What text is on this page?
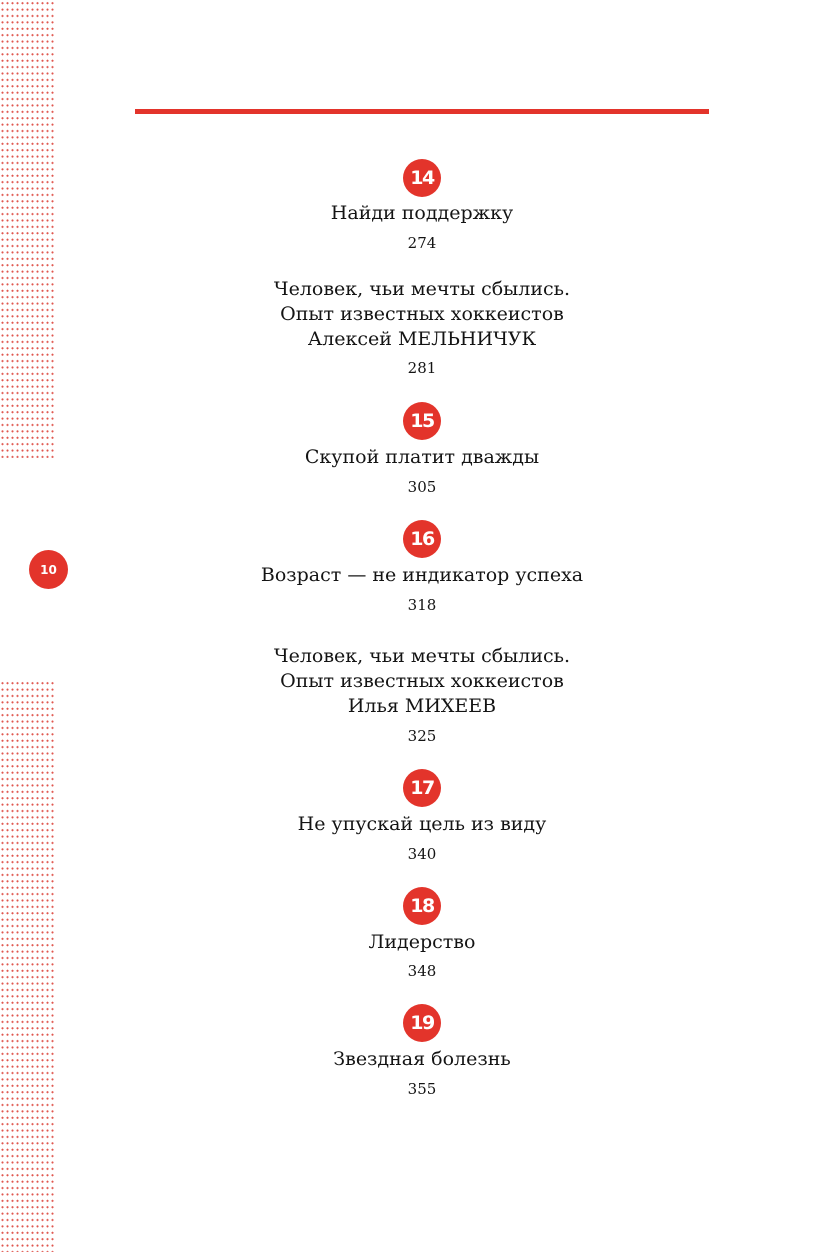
10
14
Найди поддержку
274
Человек, чьи мечты сбылись.
Опыт известных хоккеистов
Алексей МЕЛЬНИЧУК
281
15
Скупой платит дважды
305
16
Возраст — не индикатор успеха
318
Человек, чьи мечты сбылись.
Опыт известных хоккеистов
Илья МИХЕЕВ
325
17
Не упускай цель из виду
340
18
Лидерство
348
19
Звездная болезнь
355
